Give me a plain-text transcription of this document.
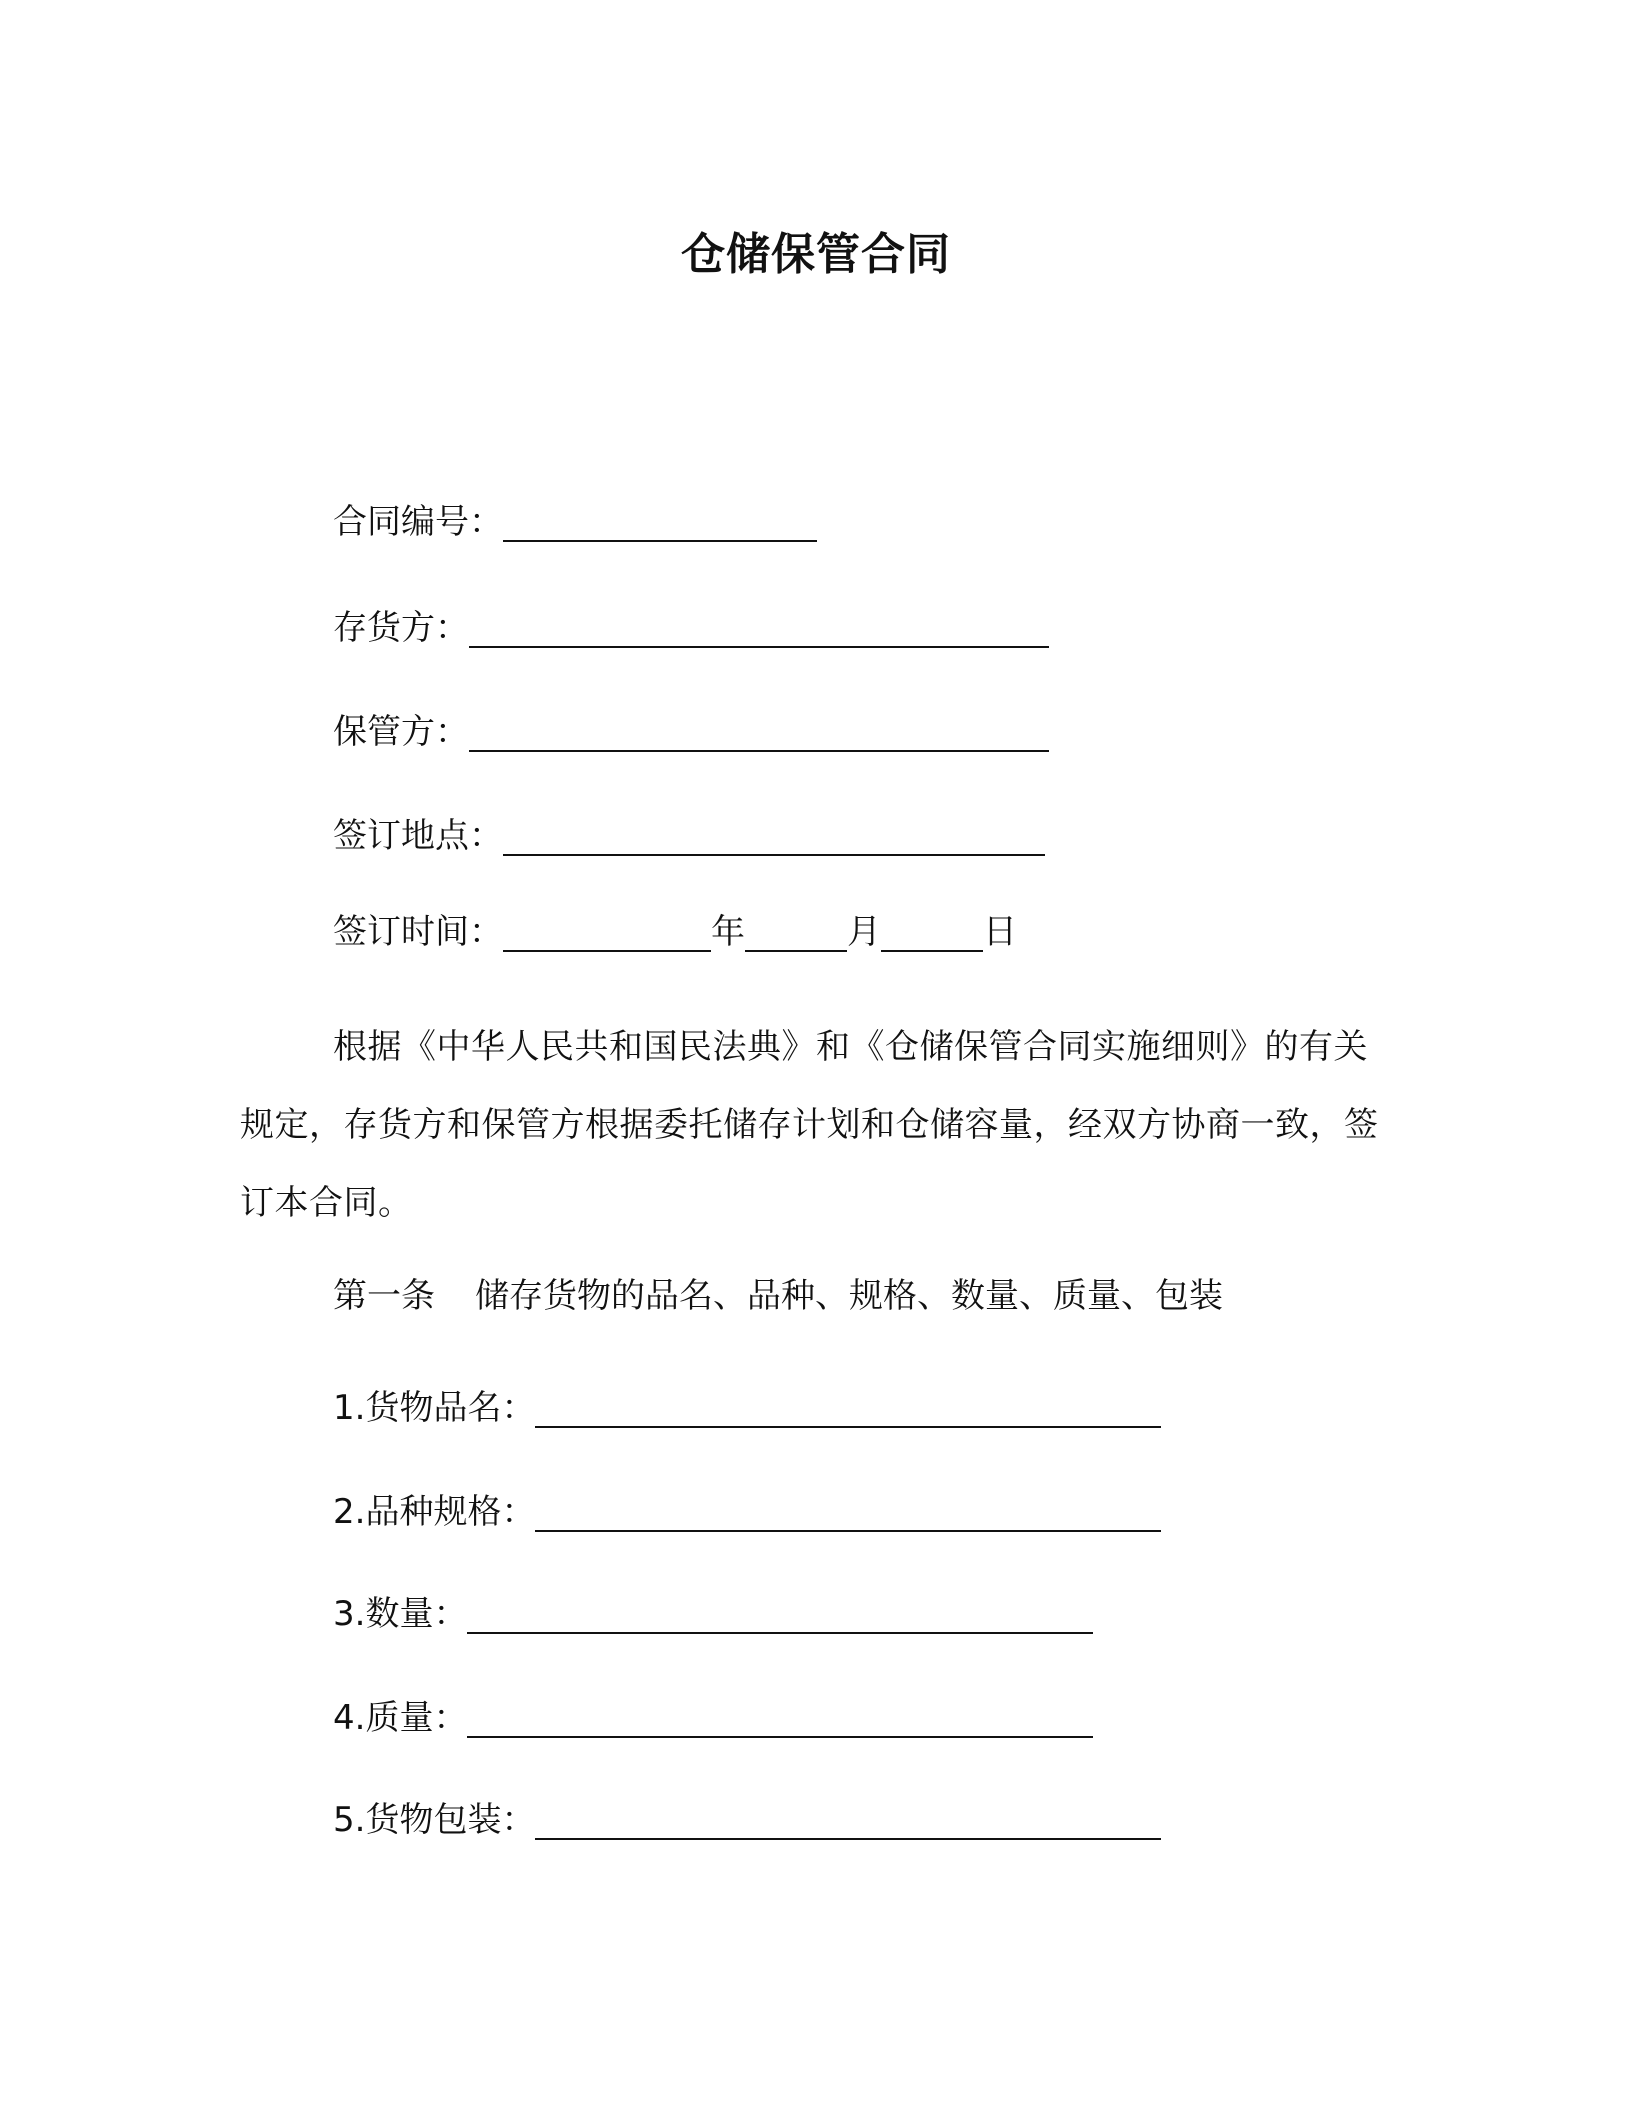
仓储保管合同
合同编号：
存货方：
保管方：
签订地点：
签订时间：	年	月	日
根据《中华人民共和国民法典》和《仓储保管合同实施细则》的有关规定，存货方和保管方根据委托储存计划和仓储容量，经双方协商一致，签订本合同。
第一条 储存货物的品名、品种、规格、数量、质量、包装
1.货物品名：
2.品种规格：
3.数量：
4.质量：
5.货物包装：
